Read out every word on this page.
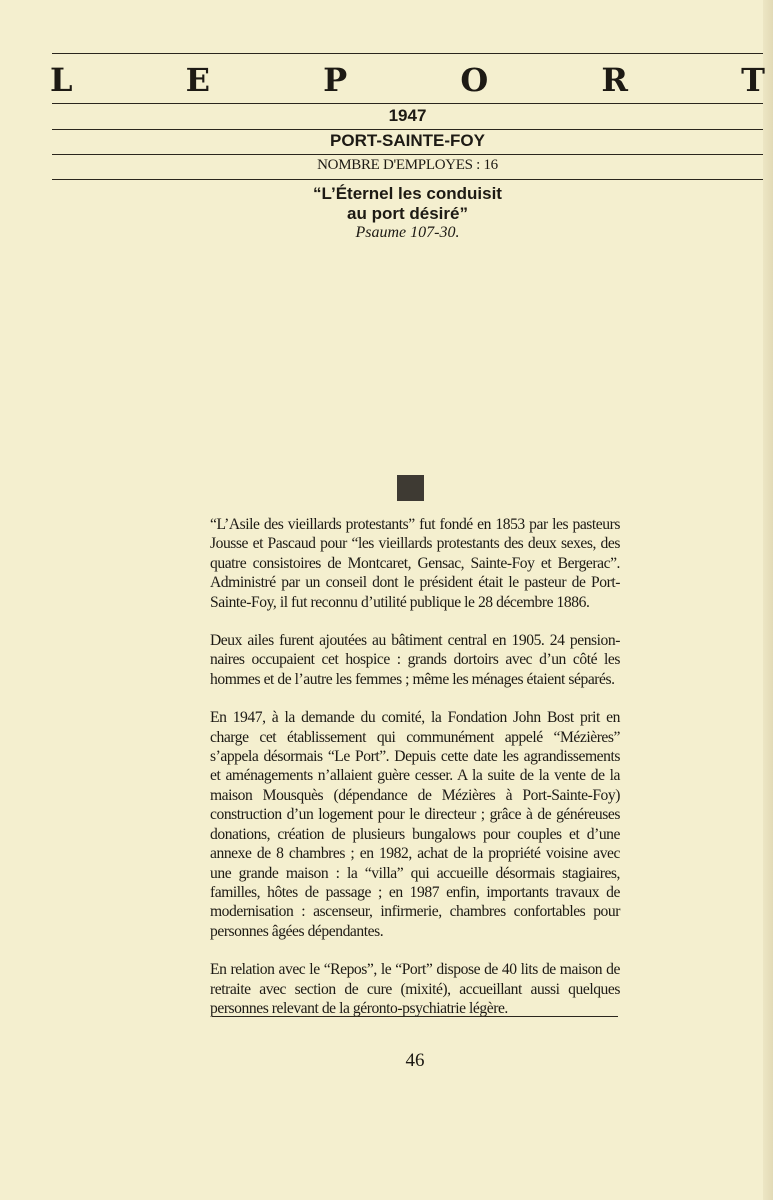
L	E	P	O	R	T
1947
PORT-SAINTE-FOY
NOMBRE D'EMPLOYES : 16
“L’Éternel les conduisit
au port désiré”
Psaume 107-30.

“L’Asile des vieillards protestants” fut fondé en 1853 par les pasteurs Jousse et Pascaud pour “les vieillards protestants des deux sexes, des quatre consistoires de Montcaret, Gensac, Sainte-Foy et Bergerac”. Administré par un conseil dont le président était le pasteur de Port-Sainte-Foy, il fut reconnu d’utilité publique le 28 décembre 1886.

Deux ailes furent ajoutées au bâtiment central en 1905. 24 pension-naires occupaient cet hospice : grands dortoirs avec d’un côté les hommes et de l’autre les femmes ; même les ménages étaient séparés.

En 1947, à la demande du comité, la Fondation John Bost prit en charge cet établissement qui communément appelé “Mézières” s’appela désormais “Le Port”. Depuis cette date les agrandissements et aménagements n’allaient guère cesser. A la suite de la vente de la maison Mousquès (dépendance de Mézières à Port-Sainte-Foy) construction d’un logement pour le directeur ; grâce à de généreuses donations, création de plusieurs bungalows pour couples et d’une annexe de 8 chambres ; en 1982, achat de la propriété voisine avec une grande maison : la “villa” qui accueille désormais stagiaires, familles, hôtes de passage ; en 1987 enfin, importants travaux de modernisation : ascenseur, infirmerie, chambres confortables pour personnes âgées dépendantes.

En relation avec le “Repos”, le “Port” dispose de 40 lits de maison de retraite avec section de cure (mixité), accueillant aussi quelques personnes relevant de la géronto-psychiatrie légère.

46
